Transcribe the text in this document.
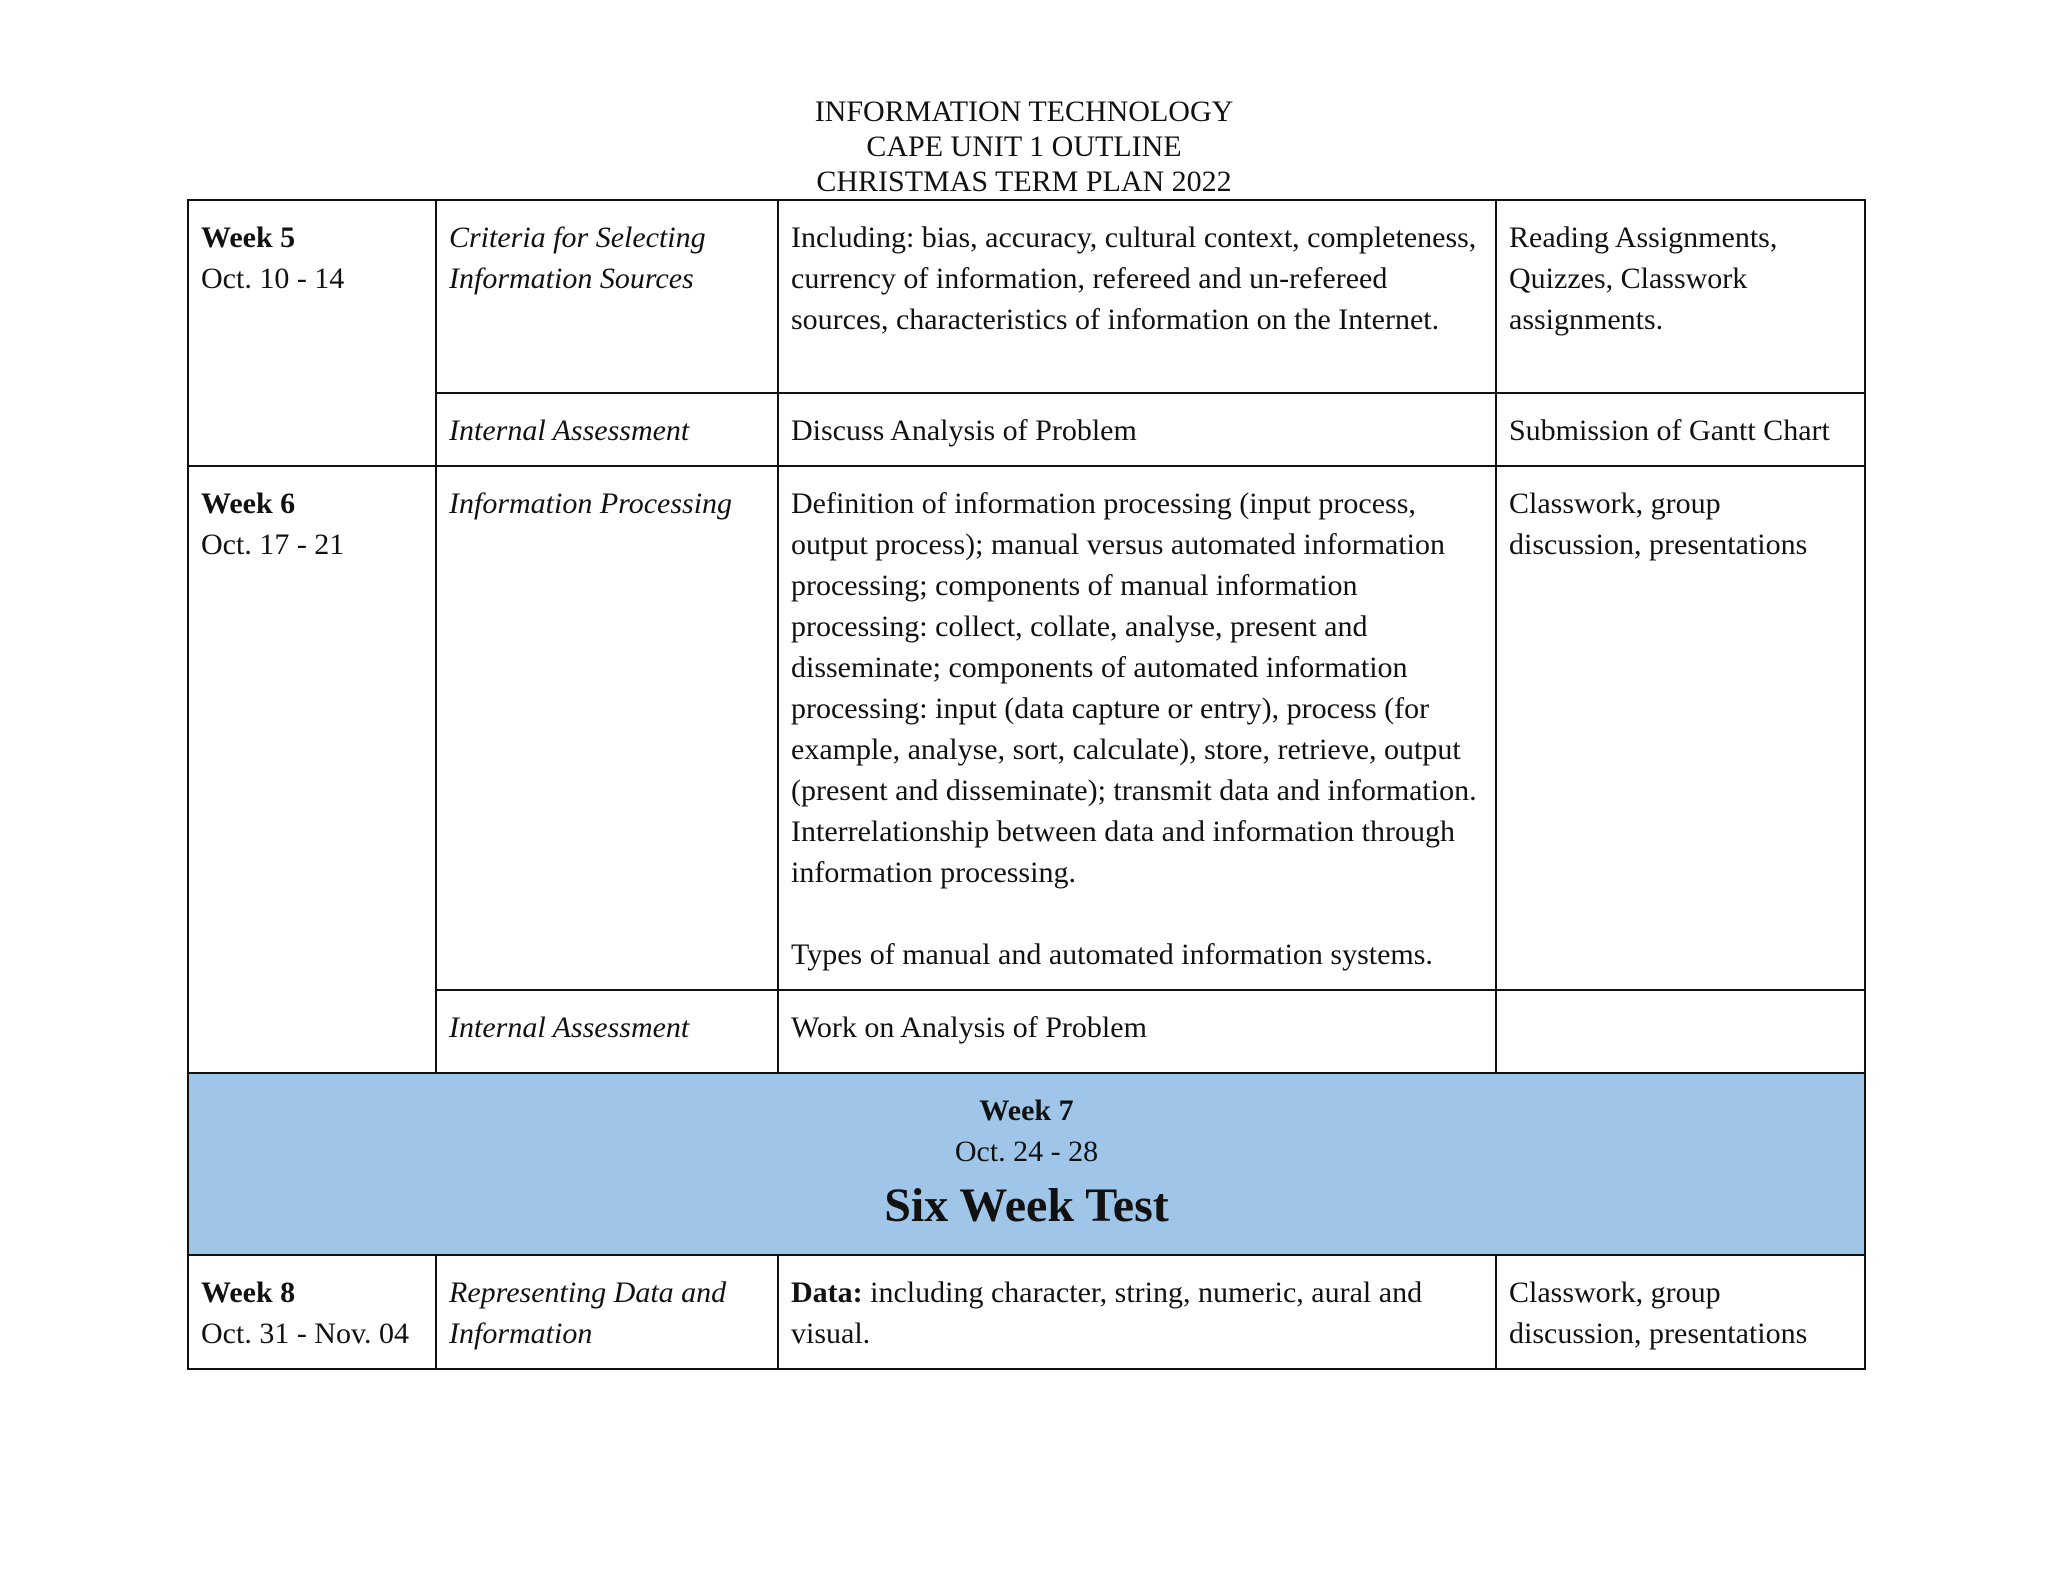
INFORMATION TECHNOLOGY
CAPE UNIT 1 OUTLINE
CHRISTMAS TERM PLAN 2022
Week 5
Oct. 10 - 14	Criteria for Selecting Information Sources	Including: bias, accuracy, cultural context, completeness, currency of information, refereed and un-refereed sources, characteristics of information on the Internet.	Reading Assignments, Quizzes, Classwork assignments.
	Internal Assessment	Discuss Analysis of Problem	Submission of Gantt Chart

Week 6
Oct. 17 - 21	Information Processing	Definition of information processing (input process, output process); manual versus automated information processing; components of manual information processing: collect, collate, analyse, present and disseminate; components of automated information processing: input (data capture or entry), process (for example, analyse, sort, calculate), store, retrieve, output (present and disseminate); transmit data and information. Interrelationship between data and information through information processing.
Types of manual and automated information systems.	Classwork, group discussion, presentations
	Internal Assessment	Work on Analysis of Problem	

Week 7
Oct. 24 - 28
Six Week Test			

Week 8
Oct. 31 - Nov. 04	Representing Data and Information	Data: including character, string, numeric, aural and visual.	Classwork, group discussion, presentations
